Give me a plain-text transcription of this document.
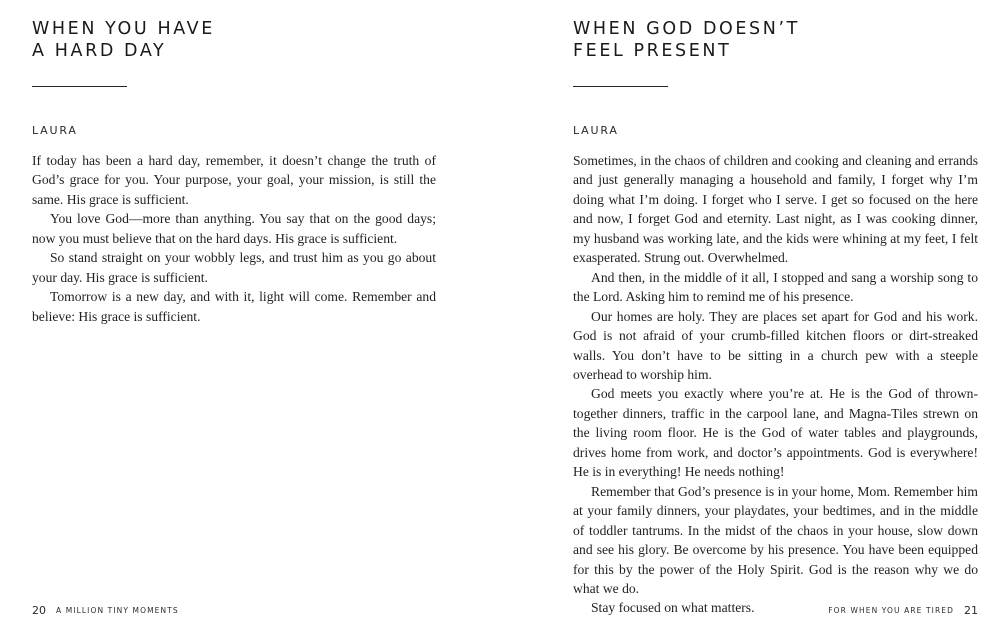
WHEN YOU HAVE
A HARD DAY
LAURA

If today has been a hard day, remember, it doesn’t change the truth of God’s grace for you. Your purpose, your goal, your mission, is still the same. His grace is sufficient.

You love God—more than anything. You say that on the good days; now you must believe that on the hard days. His grace is sufficient.

So stand straight on your wobbly legs, and trust him as you go about your day. His grace is sufficient.

Tomorrow is a new day, and with it, light will come. Remember and believe: His grace is sufficient.

20 A MILLION TINY MOMENTS
WHEN GOD DOESN’T
FEEL PRESENT
LAURA

Sometimes, in the chaos of children and cooking and cleaning and errands and just generally managing a household and family, I forget why I’m doing what I’m doing. I forget who I serve. I get so focused on the here and now, I forget God and eternity. Last night, as I was cooking dinner, my husband was working late, and the kids were whining at my feet, I felt exasperated. Strung out. Overwhelmed.

And then, in the middle of it all, I stopped and sang a worship song to the Lord. Asking him to remind me of his presence.

Our homes are holy. They are places set apart for God and his work. God is not afraid of your crumb-filled kitchen floors or dirt-streaked walls. You don’t have to be sitting in a church pew with a steeple overhead to worship him.

God meets you exactly where you’re at. He is the God of thrown-together dinners, traffic in the carpool lane, and Magna-Tiles strewn on the living room floor. He is the God of water tables and playgrounds, drives home from work, and doctor’s appointments. God is everywhere! He is in everything! He needs nothing!

Remember that God’s presence is in your home, Mom. Remember him at your family dinners, your playdates, your bedtimes, and in the middle of toddler tantrums. In the midst of the chaos in your house, slow down and see his glory. Be overcome by his presence. You have been equipped for this by the power of the Holy Spirit. God is the reason why we do what we do.

Stay focused on what matters.	FOR WHEN YOU ARE TIRED 21
